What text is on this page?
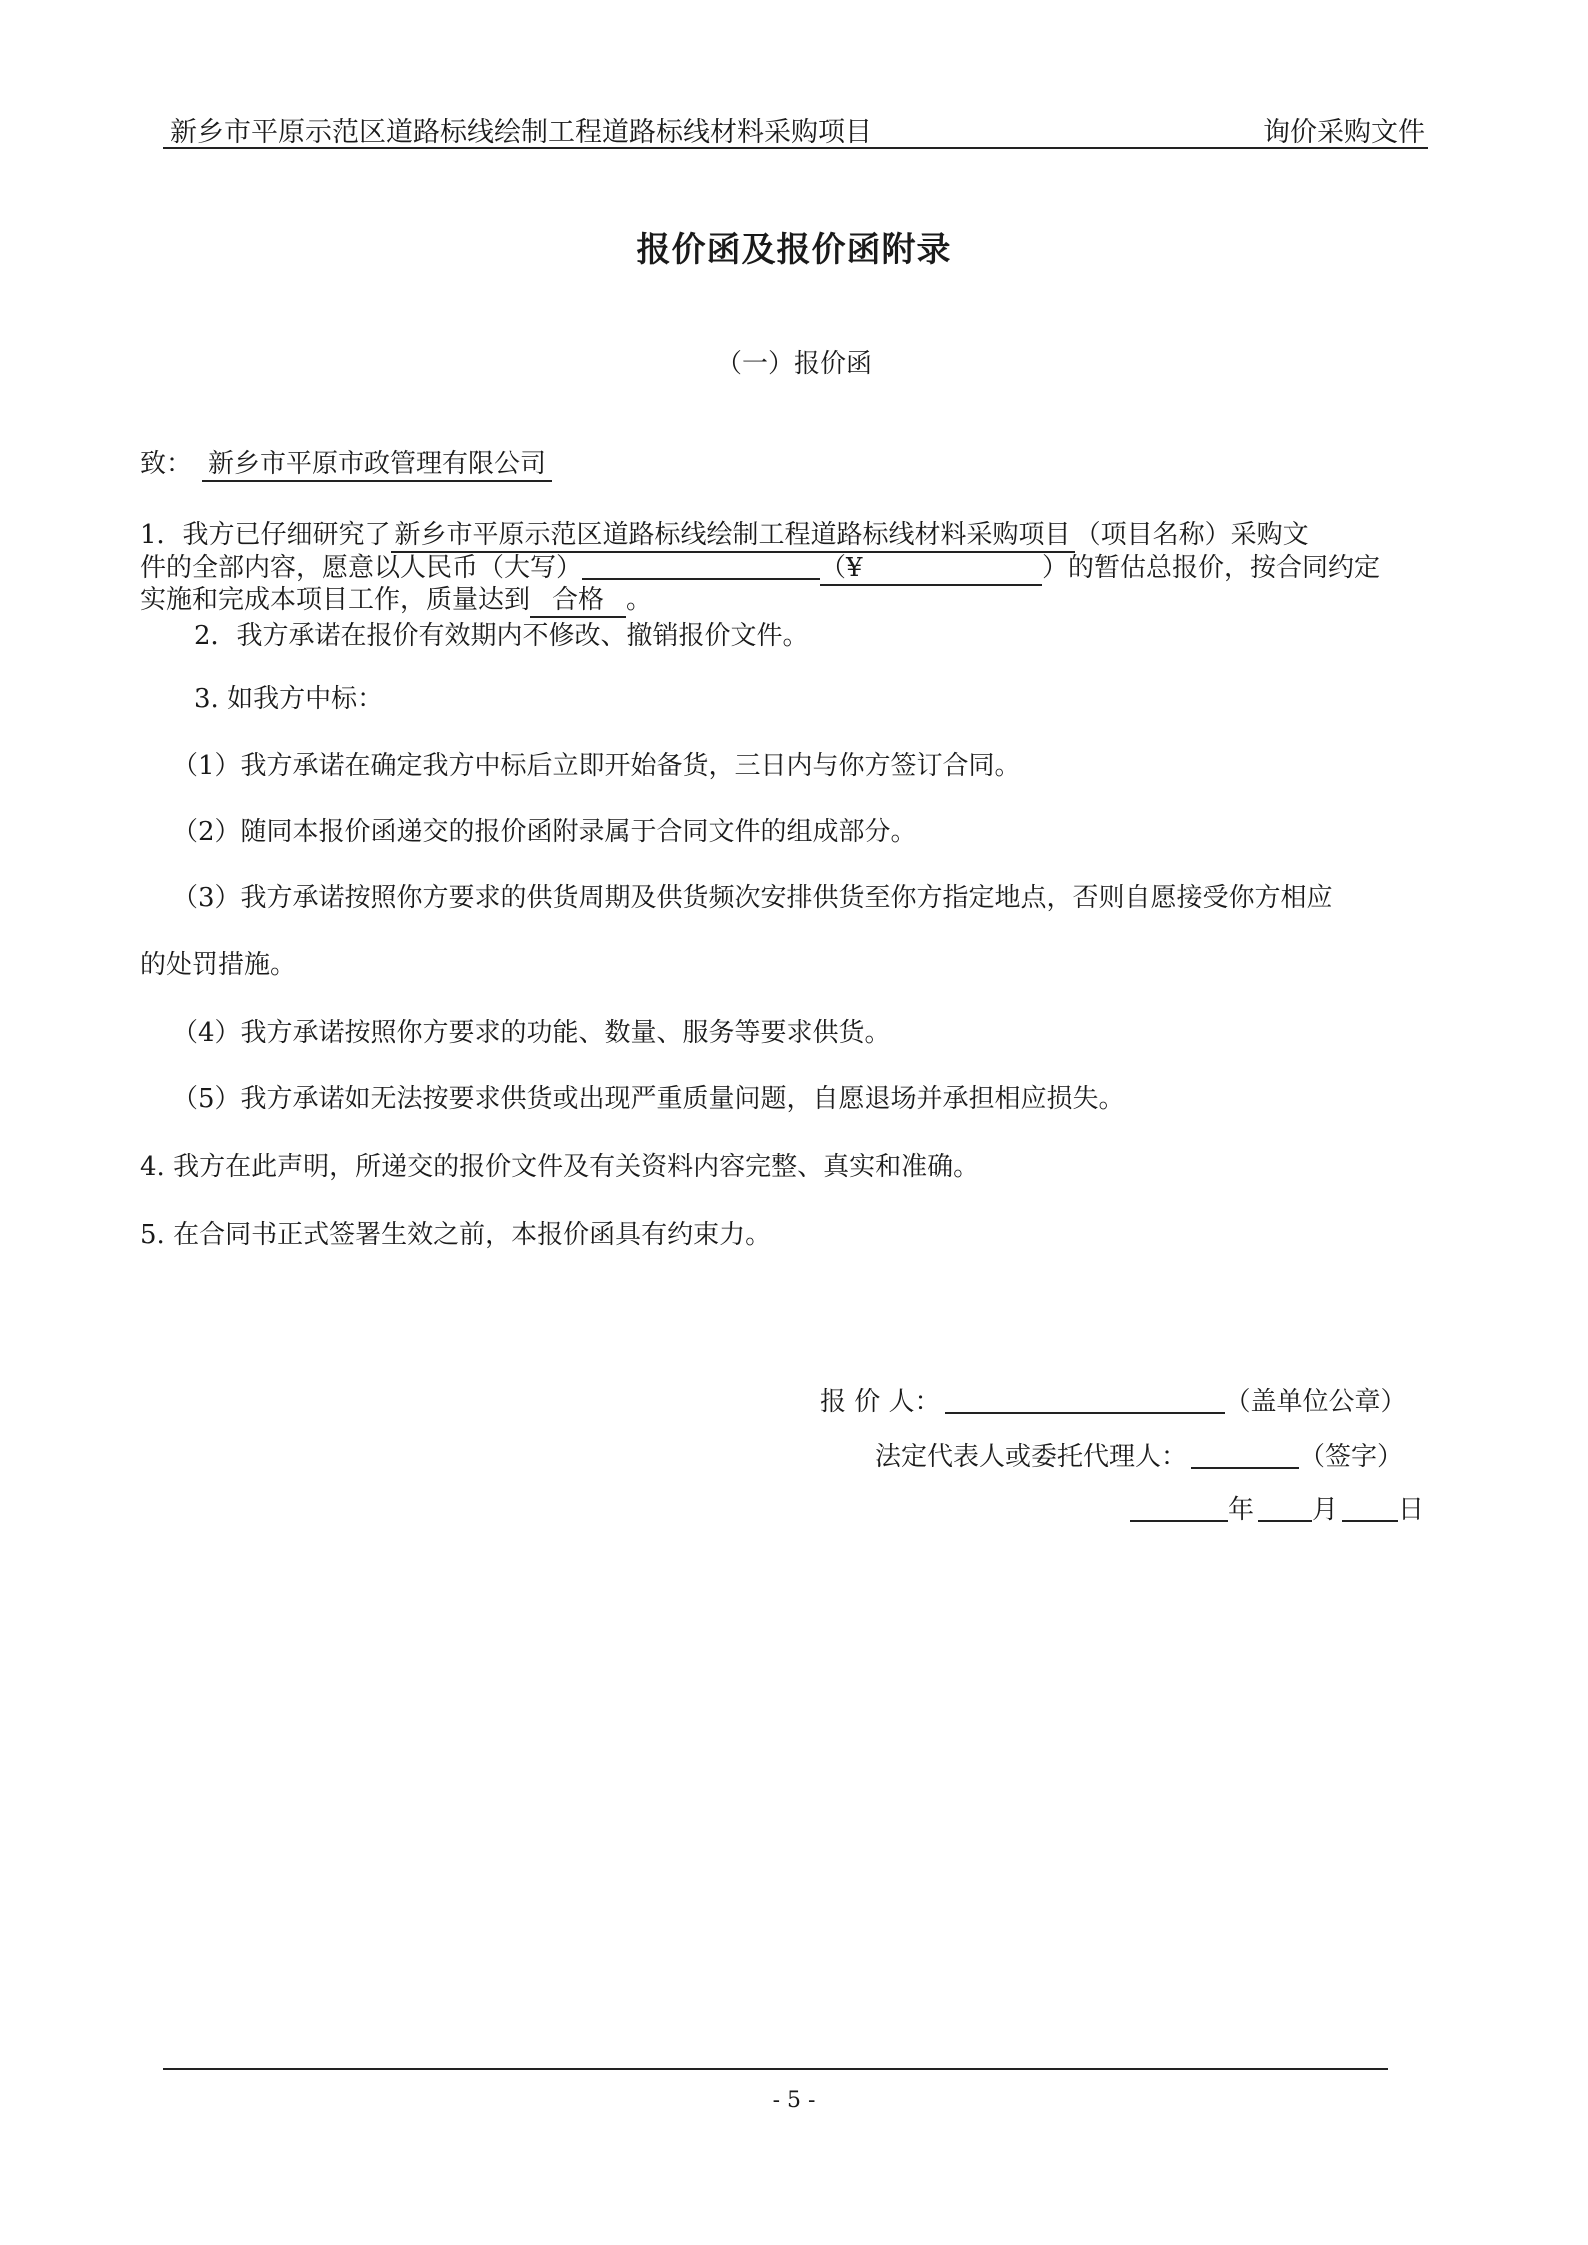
新乡市平原示范区道路标线绘制工程道路标线材料采购项目	询价采购文件
报价函及报价函附录
（一）报价函
致： 新乡市平原市政管理有限公司
1．我方已仔细研究了 新乡市平原示范区道路标线绘制工程道路标线材料采购项目 （项目名称）采购文
件的全部内容，愿意以人民币（大写）	（¥	）的暂估总报价，按合同约定
实施和完成本项目工作，质量达到 合格 。
2．我方承诺在报价有效期内不修改、撤销报价文件。
3. 如我方中标：
（1）我方承诺在确定我方中标后立即开始备货，三日内与你方签订合同。
（2）随同本报价函递交的报价函附录属于合同文件的组成部分。
（3）我方承诺按照你方要求的供货周期及供货频次安排供货至你方指定地点，否则自愿接受你方相应
的处罚措施。
（4）我方承诺按照你方要求的功能、数量、服务等要求供货。
（5）我方承诺如无法按要求供货或出现严重质量问题，自愿退场并承担相应损失。
4. 我方在此声明，所递交的报价文件及有关资料内容完整、真实和准确。
5. 在合同书正式签署生效之前，本报价函具有约束力。
报 价 人：	（盖单位公章）
法定代表人或委托代理人：	（签字）
年 月 日
- 5 -
